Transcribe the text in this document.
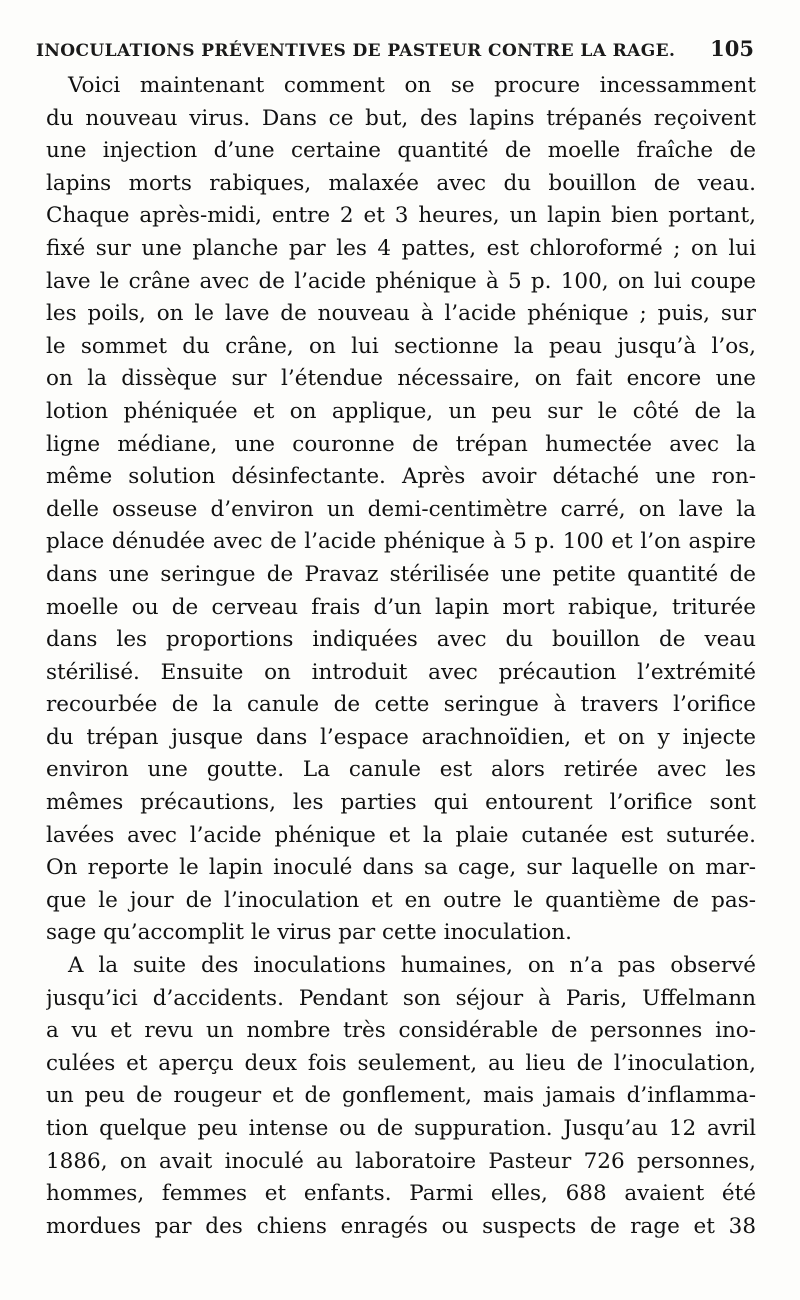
INOCULATIONS PRÉVENTIVES DE PASTEUR CONTRE LA RAGE. 105
Voici maintenant comment on se procure incessamment
du nouveau virus. Dans ce but, des lapins trépanés reçoivent
une injection d’une certaine quantité de moelle fraîche de
lapins morts rabiques, malaxée avec du bouillon de veau.
Chaque après-midi, entre 2 et 3 heures, un lapin bien portant,
fixé sur une planche par les 4 pattes, est chloroformé ; on lui
lave le crâne avec de l’acide phénique à 5 p. 100, on lui coupe
les poils, on le lave de nouveau à l’acide phénique ; puis, sur
le sommet du crâne, on lui sectionne la peau jusqu’à l’os,
on la dissèque sur l’étendue nécessaire, on fait encore une
lotion phéniquée et on applique, un peu sur le côté de la
ligne médiane, une couronne de trépan humectée avec la
même solution désinfectante. Après avoir détaché une ron-
delle osseuse d’environ un demi-centimètre carré, on lave la
place dénudée avec de l’acide phénique à 5 p. 100 et l’on aspire
dans une seringue de Pravaz stérilisée une petite quantité de
moelle ou de cerveau frais d’un lapin mort rabique, triturée
dans les proportions indiquées avec du bouillon de veau
stérilisé. Ensuite on introduit avec précaution l’extrémité
recourbée de la canule de cette seringue à travers l’orifice
du trépan jusque dans l’espace arachnoïdien, et on y injecte
environ une goutte. La canule est alors retirée avec les
mêmes précautions, les parties qui entourent l’orifice sont
lavées avec l’acide phénique et la plaie cutanée est suturée.
On reporte le lapin inoculé dans sa cage, sur laquelle on mar-
que le jour de l’inoculation et en outre le quantième de pas-
sage qu’accomplit le virus par cette inoculation.
A la suite des inoculations humaines, on n’a pas observé
jusqu’ici d’accidents. Pendant son séjour à Paris, Uffelmann
a vu et revu un nombre très considérable de personnes ino-
culées et aperçu deux fois seulement, au lieu de l’inoculation,
un peu de rougeur et de gonflement, mais jamais d’inflamma-
tion quelque peu intense ou de suppuration. Jusqu’au 12 avril
1886, on avait inoculé au laboratoire Pasteur 726 personnes,
hommes, femmes et enfants. Parmi elles, 688 avaient été
mordues par des chiens enragés ou suspects de rage et 38
